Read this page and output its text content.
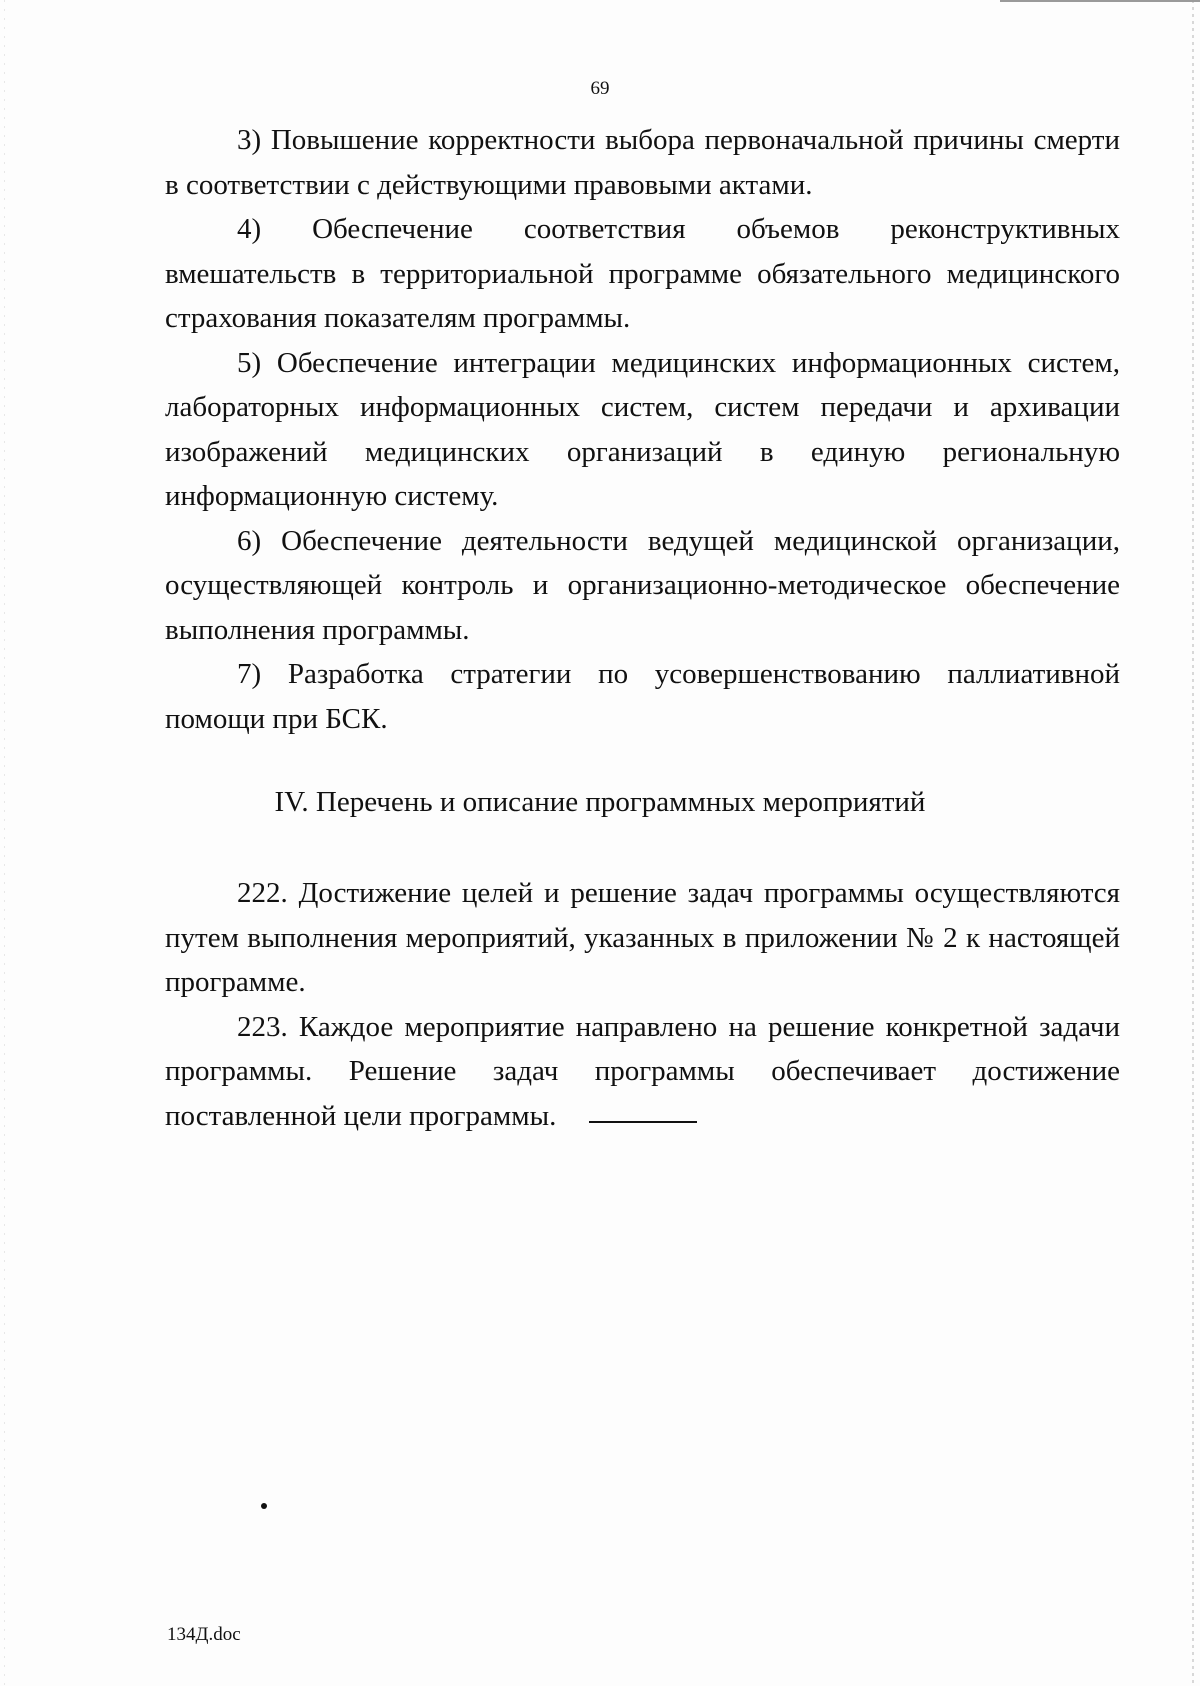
69

3) Повышение корректности выбора первоначальной причины смерти в соответствии с действующими правовыми актами.

4) Обеспечение соответствия объемов реконструктивных вмешательств в территориальной программе обязательного медицинского страхования показателям программы.

5) Обеспечение интеграции медицинских информационных систем, лабораторных информационных систем, систем передачи и архивации изображений медицинских организаций в единую региональную информационную систему.

6) Обеспечение деятельности ведущей медицинской организации, осуществляющей контроль и организационно-методическое обеспечение выполнения программы.

7) Разработка стратегии по усовершенствованию паллиативной помощи при БСК.

IV. Перечень и описание программных мероприятий

222. Достижение целей и решение задач программы осуществляются путем выполнения мероприятий, указанных в приложении № 2 к настоящей программе.

223. Каждое мероприятие направлено на решение конкретной задачи программы. Решение задач программы обеспечивает достижение поставленной цели программы.

134Д.doc
